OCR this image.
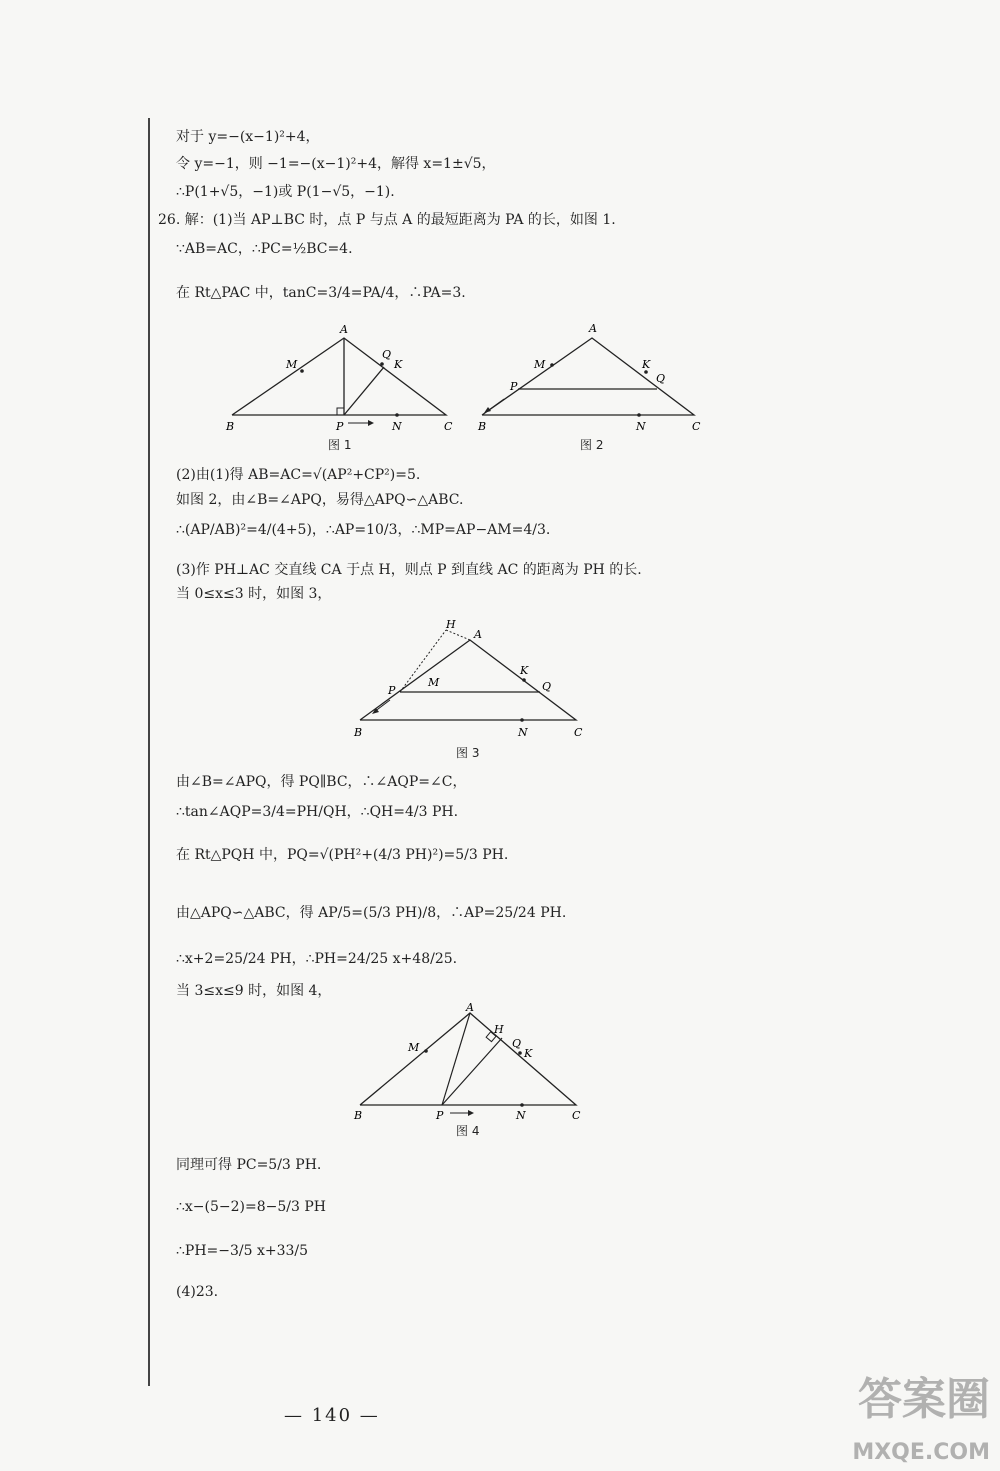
对于 y=−(x−1)²+4，
令 y=−1，则 −1=−(x−1)²+4，解得 x=1±√5，
∴P(1+√5，−1)或 P(1−√5，−1).
26. 解：(1)当 AP⊥BC 时，点 P 与点 A 的最短距离为 PA 的长，如图 1.
∵AB=AC，∴PC=½BC=4.
在 Rt△PAC 中，tanC=3/4=PA/4，∴PA=3.
A
B	C
M
P
Q
K
N
图 1
A
B	C
M
P
Q
K
N
图 2
(2)由(1)得 AB=AC=√(AP²+CP²)=5.
如图 2，由∠B=∠APQ，易得△APQ∽△ABC.
∴(AP/AB)²=4/(4+5)，∴AP=10/3，∴MP=AP−AM=4/3.
(3)作 PH⊥AC 交直线 CA 于点 H，则点 P 到直线 AC 的距离为 PH 的长.
当 0≤x≤3 时，如图 3，
A
H
B	C
M
P	Q
K
N
图 3
由∠B=∠APQ，得 PQ∥BC，∴∠AQP=∠C，
∴tan∠AQP=3/4=PH/QH，∴QH=4/3 PH.
在 Rt△PQH 中，PQ=√(PH²+(4/3 PH)²)=5/3 PH.
由△APQ∽△ABC，得 AP/5=(5/3 PH)/8，∴AP=25/24 PH.
∴x+2=25/24 PH，∴PH=24/25 x+48/25.
当 3≤x≤9 时，如图 4，
A
H
B	C
M
P
Q
K
N
图 4
同理可得 PC=5/3 PH.
∴x−(5−2)=8−5/3 PH
∴PH=−3/5 x+33/5
(4)23.
— 140 —	答案圈
MXQE.COM
